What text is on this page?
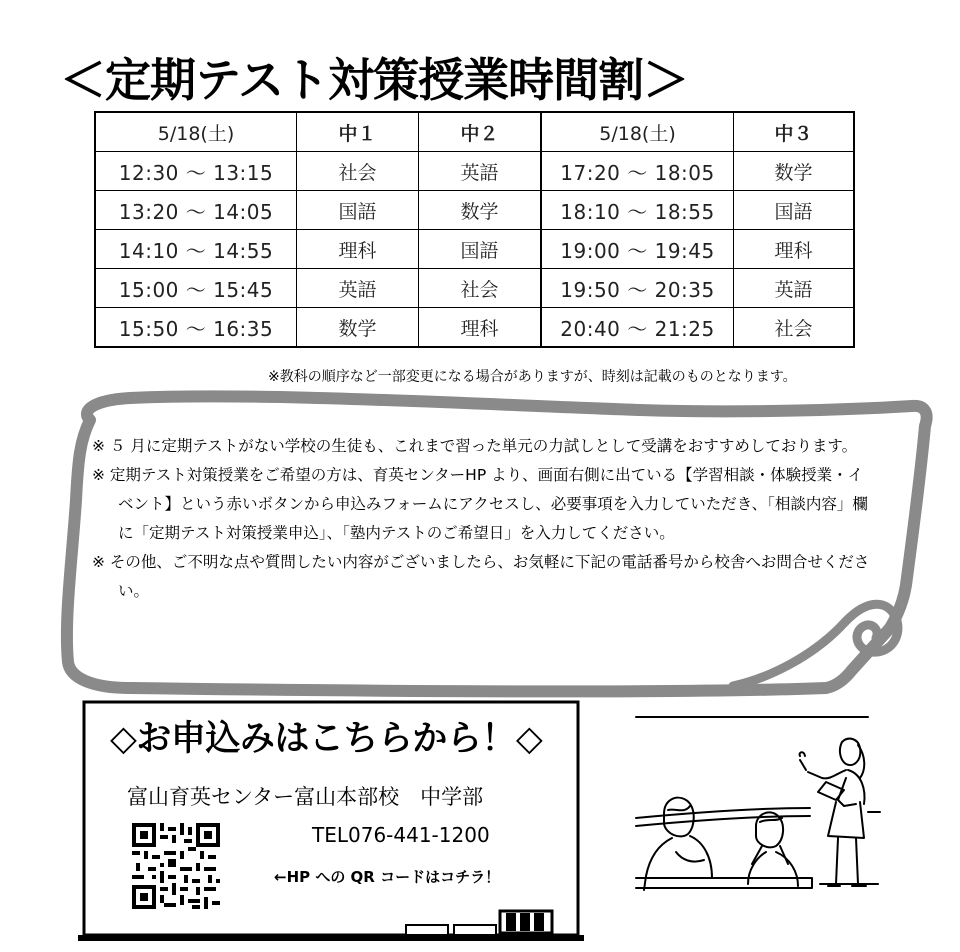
＜定期テスト対策授業時間割＞
5/18(土)	中１	中２	5/18(土)	中３
12:30 ～ 13:15	社会	英語	17:20 ～ 18:05	数学
13:20 ～ 14:05	国語	数学	18:10 ～ 18:55	国語
14:10 ～ 14:55	理科	国語	19:00 ～ 19:45	理科
15:00 ～ 15:45	英語	社会	19:50 ～ 20:35	英語
15:50 ～ 16:35	数学	理科	20:40 ～ 21:25	社会
※教科の順序など一部変更になる場合がありますが、時刻は記載のものとなります。

※ ５ 月に定期テストがない学校の生徒も、これまで習った単元の力試しとして受講をおすすめしております。

※ 定期テスト対策授業をご希望の方は、育英センターHP より、画面右側に出ている【学習相談・体験授業・イベント】という赤いボタンから申込みフォームにアクセスし、必要事項を入力していただき、「相談内容」欄に「定期テスト対策授業申込」、「塾内テストのご希望日」を入力してください。

※ その他、ご不明な点や質問したい内容がございましたら、お気軽に下記の電話番号から校舎へお問合せください。

◇お申込みはこちらから！◇
富山育英センター富山本部校　中学部
TEL076-441-1200
←HP への QR コードはコチラ！
